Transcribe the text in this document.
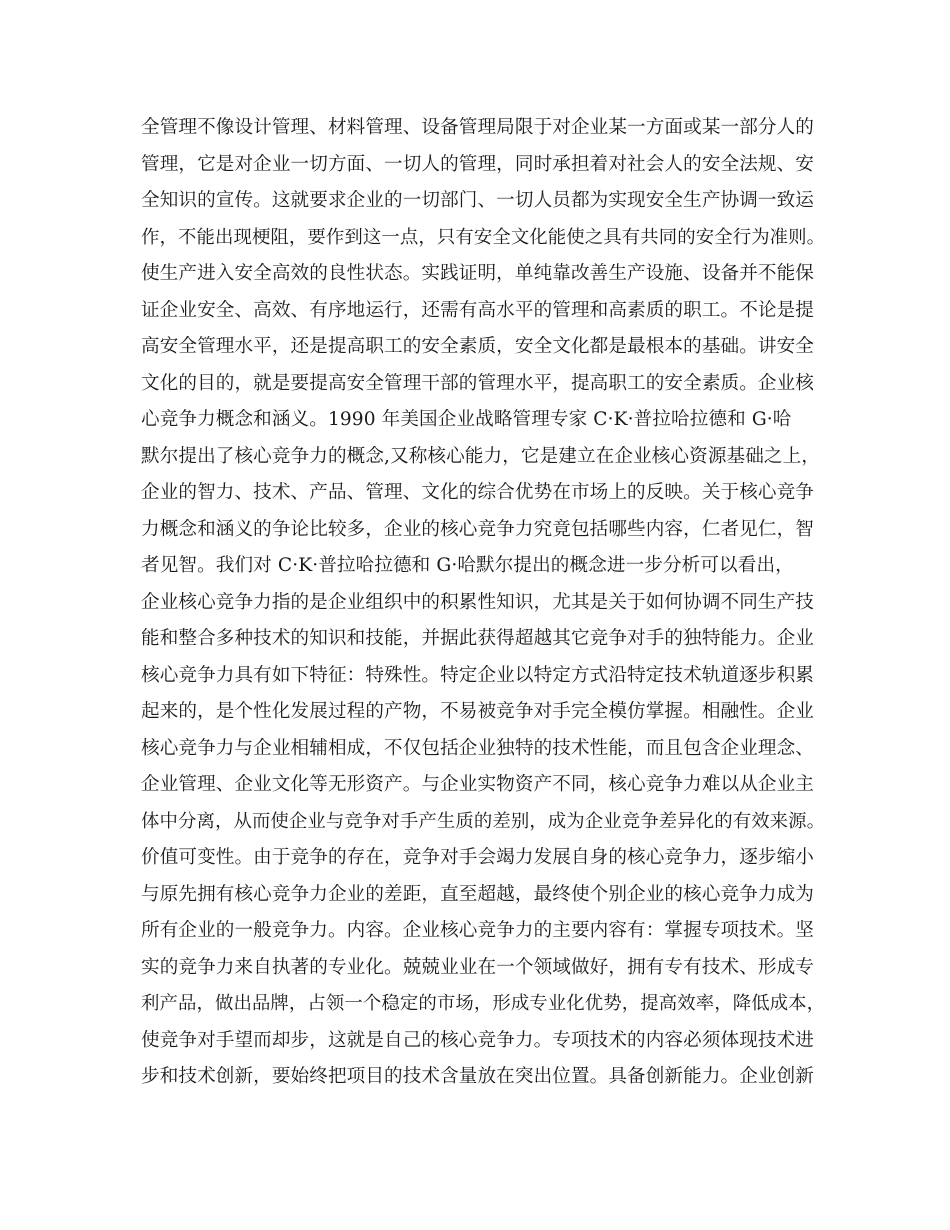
全管理不像设计管理、材料管理、设备管理局限于对企业某一方面或某一部分人的
管理，它是对企业一切方面、一切人的管理，同时承担着对社会人的安全法规、安
全知识的宣传。这就要求企业的一切部门、一切人员都为实现安全生产协调一致运
作，不能出现梗阻，要作到这一点，只有安全文化能使之具有共同的安全行为准则。
使生产进入安全高效的良性状态。实践证明，单纯靠改善生产设施、设备并不能保
证企业安全、高效、有序地运行，还需有高水平的管理和高素质的职工。不论是提
高安全管理水平，还是提高职工的安全素质，安全文化都是最根本的基础。讲安全
文化的目的，就是要提高安全管理干部的管理水平，提高职工的安全素质。企业核
心竞争力概念和涵义。1990 年美国企业战略管理专家 C·K·普拉哈拉德和 G·哈
默尔提出了核心竞争力的概念,又称核心能力，它是建立在企业核心资源基础之上，
企业的智力、技术、产品、管理、文化的综合优势在市场上的反映。关于核心竞争
力概念和涵义的争论比较多，企业的核心竞争力究竟包括哪些内容，仁者见仁，智
者见智。我们对 C·K·普拉哈拉德和 G·哈默尔提出的概念进一步分析可以看出，
企业核心竞争力指的是企业组织中的积累性知识，尤其是关于如何协调不同生产技
能和整合多种技术的知识和技能，并据此获得超越其它竞争对手的独特能力。企业
核心竞争力具有如下特征：特殊性。特定企业以特定方式沿特定技术轨道逐步积累
起来的，是个性化发展过程的产物，不易被竞争对手完全模仿掌握。相融性。企业
核心竞争力与企业相辅相成，不仅包括企业独特的技术性能，而且包含企业理念、
企业管理、企业文化等无形资产。与企业实物资产不同，核心竞争力难以从企业主
体中分离，从而使企业与竞争对手产生质的差别，成为企业竞争差异化的有效来源。
价值可变性。由于竞争的存在，竞争对手会竭力发展自身的核心竞争力，逐步缩小
与原先拥有核心竞争力企业的差距，直至超越，最终使个别企业的核心竞争力成为
所有企业的一般竞争力。内容。企业核心竞争力的主要内容有：掌握专项技术。坚
实的竞争力来自执著的专业化。兢兢业业在一个领域做好，拥有专有技术、形成专
利产品，做出品牌，占领一个稳定的市场，形成专业化优势，提高效率，降低成本，
使竞争对手望而却步，这就是自己的核心竞争力。专项技术的内容必须体现技术进
步和技术创新，要始终把项目的技术含量放在突出位置。具备创新能力。企业创新
